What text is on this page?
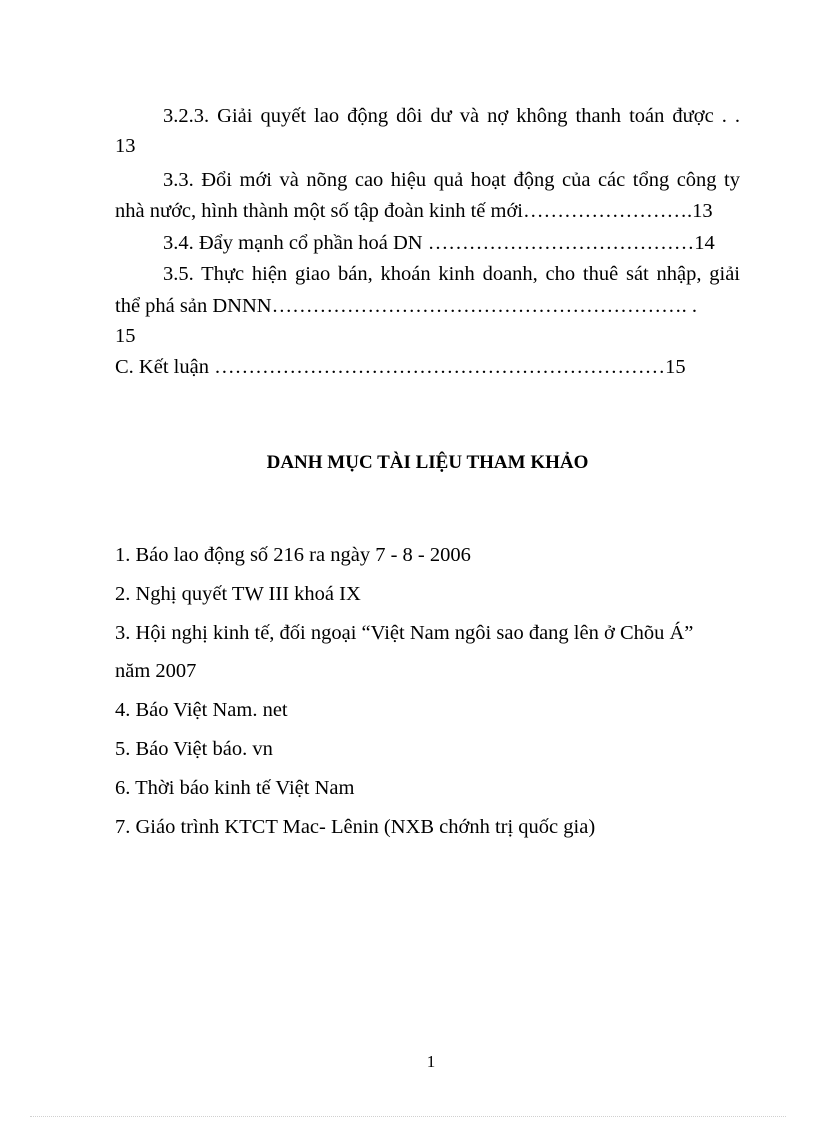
3.2.3. Giải quyết lao động dôi dư và nợ không thanh toán được . .
13
3.3. Đổi mới và nõng cao hiệu quả hoạt động của các tổng công ty
nhà nước, hình thành một số tập đoàn kinh tế mới…………………….13
3.4. Đẩy mạnh cổ phần hoá DN …………………………………14
3.5. Thực hiện giao bán, khoán kinh doanh, cho thuê sát nhập, giải
thể phá sản DNNN……………………………………………………. .
15
C. Kết luận …………………………………………………………15
DANH MỤC TÀI LIỆU THAM KHẢO
1. Báo lao động số 216 ra ngày 7 - 8 - 2006
2. Nghị quyết TW III khoá IX
3. Hội nghị kinh tế, đối ngoại “Việt Nam ngôi sao đang lên ở Chõu Á”
năm 2007
4. Báo Việt Nam. net
5. Báo Việt báo. vn
6. Thời báo kinh tế Việt Nam
7. Giáo trình KTCT Mac- Lênin (NXB chớnh trị quốc gia)
1
